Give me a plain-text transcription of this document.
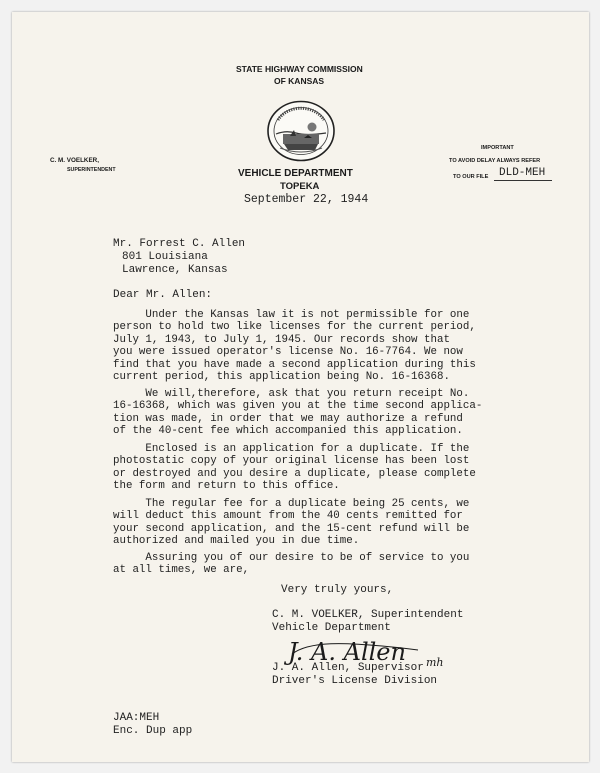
STATE HIGHWAY COMMISSION
OF KANSAS
C. M. VOELKER,
SUPERINTENDENT	VEHICLE DEPARTMENT
TOPEKA
September 22, 1944
IMPORTANT
TO AVOID DELAY ALWAYS REFER
TO OUR FILE DLD-MEH
Mr. Forrest C. Allen
801 Louisiana
Lawrence, Kansas
Dear Mr. Allen:
Under the Kansas law it is not permissible for one
person to hold two like licenses for the current period,
July 1, 1943, to July 1, 1945. Our records show that
you were issued operator's license No. 16-7764. We now
find that you have made a second application during this
current period, this application being No. 16-16368.
We will,therefore, ask that you return receipt No.
16-16368, which was given you at the time second applica-
tion was made, in order that we may authorize a refund
of the 40-cent fee which accompanied this application.
Enclosed is an application for a duplicate. If the
photostatic copy of your original license has been lost
or destroyed and you desire a duplicate, please complete
the form and return to this office.
The regular fee for a duplicate being 25 cents, we
will deduct this amount from the 40 cents remitted for
your second application, and the 15-cent refund will be
authorized and mailed you in due time.
Assuring you of our desire to be of service to you
at all times, we are,
Very truly yours,
C. M. VOELKER, Superintendent
Vehicle Department
J. A. Allen mh
J. A. Allen, Supervisor
Driver's License Division
JAA:MEH
Enc. Dup app
